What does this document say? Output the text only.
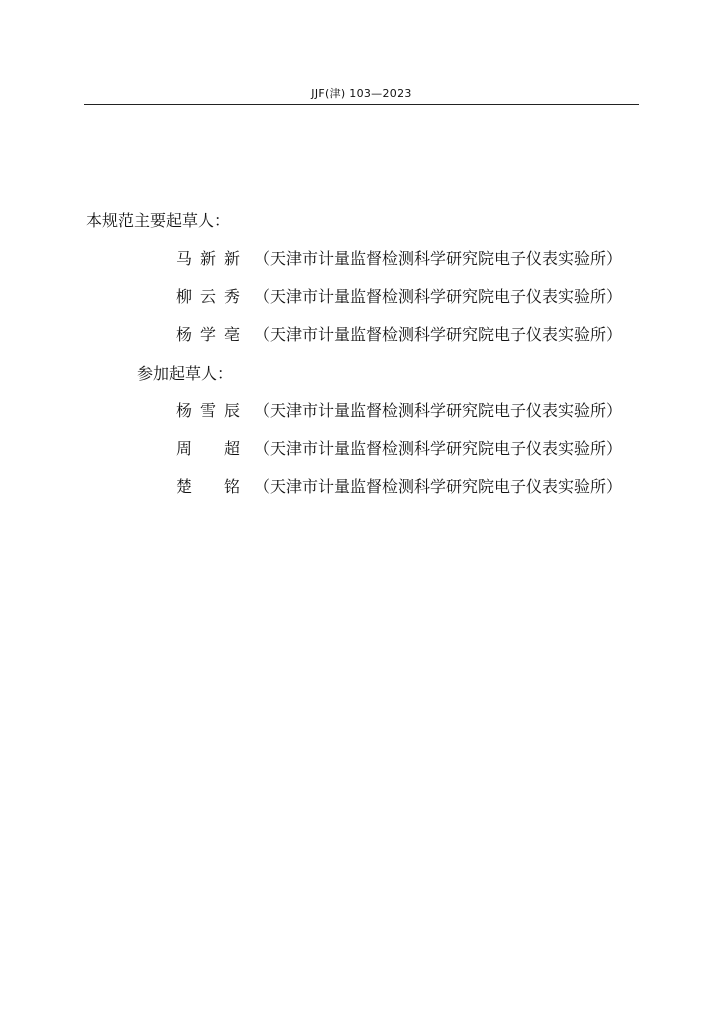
JJF(津) 103—2023
本规范主要起草人：
马新新 （天津市计量监督检测科学研究院电子仪表实验所）
柳云秀 （天津市计量监督检测科学研究院电子仪表实验所）
杨学亳 （天津市计量监督检测科学研究院电子仪表实验所）
参加起草人：
杨雪辰 （天津市计量监督检测科学研究院电子仪表实验所）
周　超 （天津市计量监督检测科学研究院电子仪表实验所）
楚　铭 （天津市计量监督检测科学研究院电子仪表实验所）
